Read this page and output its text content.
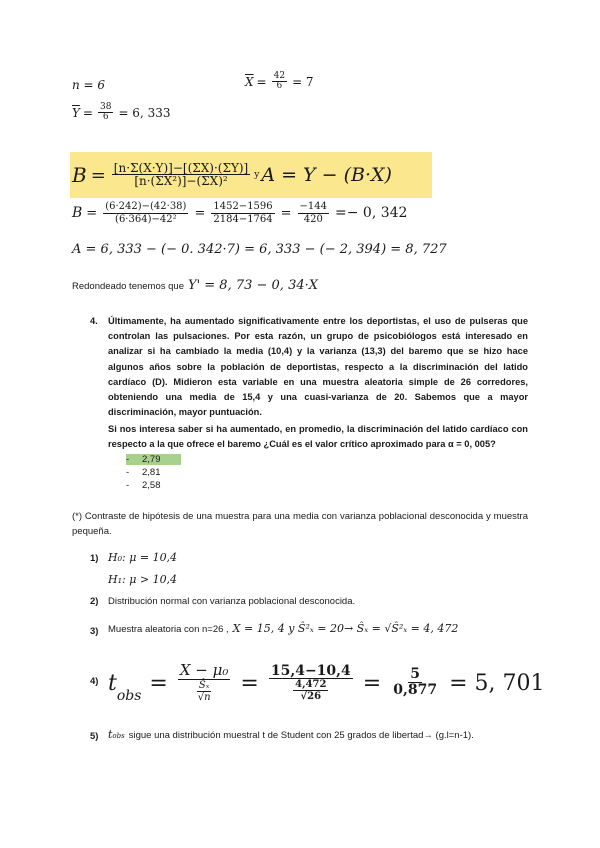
n = 6	$\overline{X} = \frac{42}{6} = 7$
$\overline{Y} = \frac{38}{6} = 6$, 333
$B = \frac{[n\cdot\Sigma(X\cdot Y)]-[(\Sigma X)\cdot(\Sigma Y)]}{\text{[n·(ΣX²)]−(ΣX)²}}$ y A = Y − (B·X)
$B = \frac{(6\cdot 242)-(42\cdot 38)}{\text{(6·364)−42²}} = \frac{1452-1596}{2184-1764} = \frac{-144}{420} =- 0$, 342
A = 6, 333 − (− 0. 342·7) = 6, 333 − (− 2, 394) = 8, 727
Redondeado tenemos que Y' = 8, 73 − 0, 34·X
4. Últimamente, ha aumentado significativamente entre los deportistas, el uso de pulseras que controlan las pulsaciones. Por esta razón, un grupo de psicobiólogos está interesado en analizar si ha cambiado la media (10,4) y la varianza (13,3) del baremo que se hizo hace algunos años sobre la población de deportistas, respecto a la discriminación del latido cardíaco (D). Midieron esta variable en una muestra aleatoria simple de 26 corredores, obteniendo una media de 15,4 y una cuasi-varianza de 20. Sabemos que a mayor discriminación, mayor puntuación.
Si nos interesa saber si ha aumentado, en promedio, la discriminación del latido cardíaco con respecto a la que ofrece el baremo ¿Cuál es el valor crítico aproximado para α = 0, 005?
- 2,79
- 2,81
- 2,58
(*) Contraste de hipótesis de una muestra para una media con varianza poblacional desconocida y muestra pequeña.
1) H₀: μ = 10,4
H₁: μ > 10,4
2) Distribución normal con varianza poblacional desconocida.
3) Muestra aleatoria con n=26 , X = 15, 4 y Ŝ²ₓ = 20→ Ŝₓ = √Ŝ²ₓ = 4, 472
4) t
obs
= $\frac{\text{X − μ₀}}{\frac{\text{Ŝₓ}}{√n}} = \frac{15,4-10,4}{\frac{4,472}{√26}} = \frac{5}{0,877} = 5$, 701
5) t obs sigue una distribución muestral t de Student con 25 grados de libertad→ (g.l=n-1).
